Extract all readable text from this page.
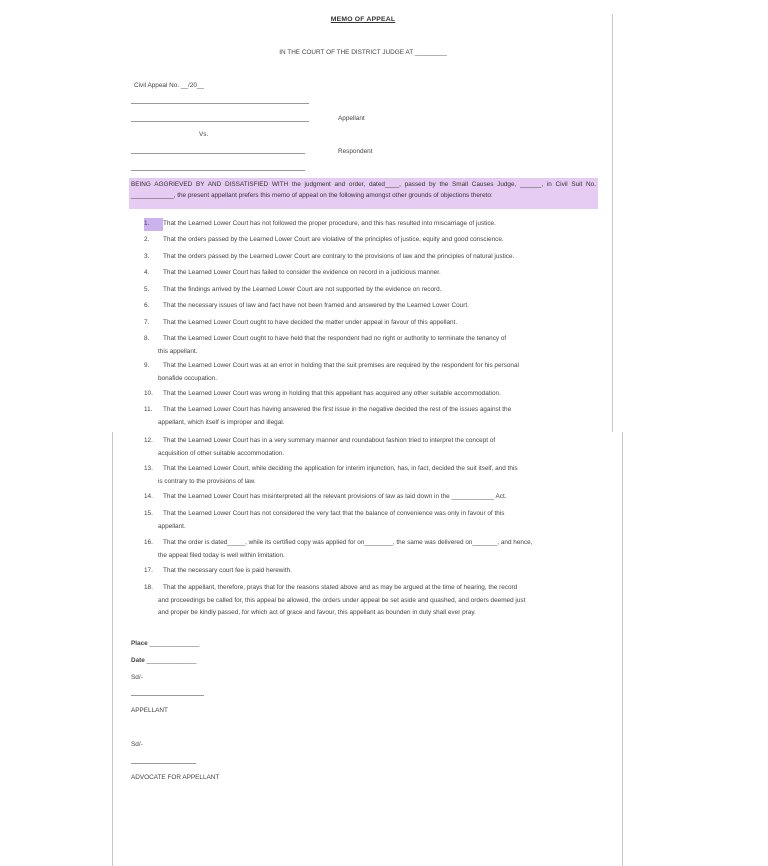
MEMO OF APPEAL
IN THE COURT OF THE DISTRICT JUDGE AT _________
Civil Appeal No. __/20__
Appellant
Vs.
Respondent
BEING AGGRIEVED BY AND DISSATISFIED WITH the judgment and order, dated____, passed by the Small Causes Judge, ______, in Civil Suit No. ____________, the present appellant prefers this memo of appeal on the following amongst other grounds of objections thereto:
1. That the Learned Lower Court has not followed the proper procedure, and this has resulted into miscarriage of justice.
2. That the orders passed by the Learned Lower Court are violative of the principles of justice, equity and good conscience.
3. That the orders passed by the Learned Lower Court are contrary to the provisions of law and the principles of natural justice.
4. That the Learned Lower Court has failed to consider the evidence on record in a judicious manner.
5. That the findings arrived by the Learned Lower Court are not supported by the evidence on record.
6. That the necessary issues of law and fact have not been framed and answered by the Learned Lower Court.
7. That the Learned Lower Court ought to have decided the matter under appeal in favour of this appellant.
8. That the Learned Lower Court ought to have held that the respondent had no right or authority to terminate the tenancy of
this appellant.
9. That the Learned Lower Court was at an error in holding that the suit premises are required by the respondent for his personal
bonafide occupation.
10. That the Learned Lower Court was wrong in holding that this appellant has acquired any other suitable accommodation.
11. That the Learned Lower Court has having answered the first issue in the negative decided the rest of the issues against the
appellant, which itself is improper and illegal.
12. That the Learned Lower Court has in a very summary manner and roundabout fashion tried to interpret the concept of
acquisition of other suitable accommodation.
13. That the Learned Lower Court, while deciding the application for interim injunction, has, in fact, decided the suit itself, and this
is contrary to the provisions of law.
14. That the Learned Lower Court has misinterpreted all the relevant provisions of law as laid down in the ____________ Act.
15. That the Learned Lower Court has not considered the very fact that the balance of convenience was only in favour of this
appellant.
16. That the order is dated_____, while its certified copy was applied for on________, the same was delivered on_______, and hence,
the appeal filed today is well within limitation.
17. That the necessary court fee is paid herewith.
18. That the appellant, therefore, prays that for the reasons stated above and as may be argued at the time of hearing, the record
and proceedings be called for, this appeal be allowed, the orders under appeal be set aside and quashed, and orders deemed just
and proper be kindly passed, for which act of grace and favour, this appellant as bounden in duty shall ever pray.
Place ______________
Date ______________
Sd/-
APPELLANT
Sd/-
ADVOCATE FOR APPELLANT
